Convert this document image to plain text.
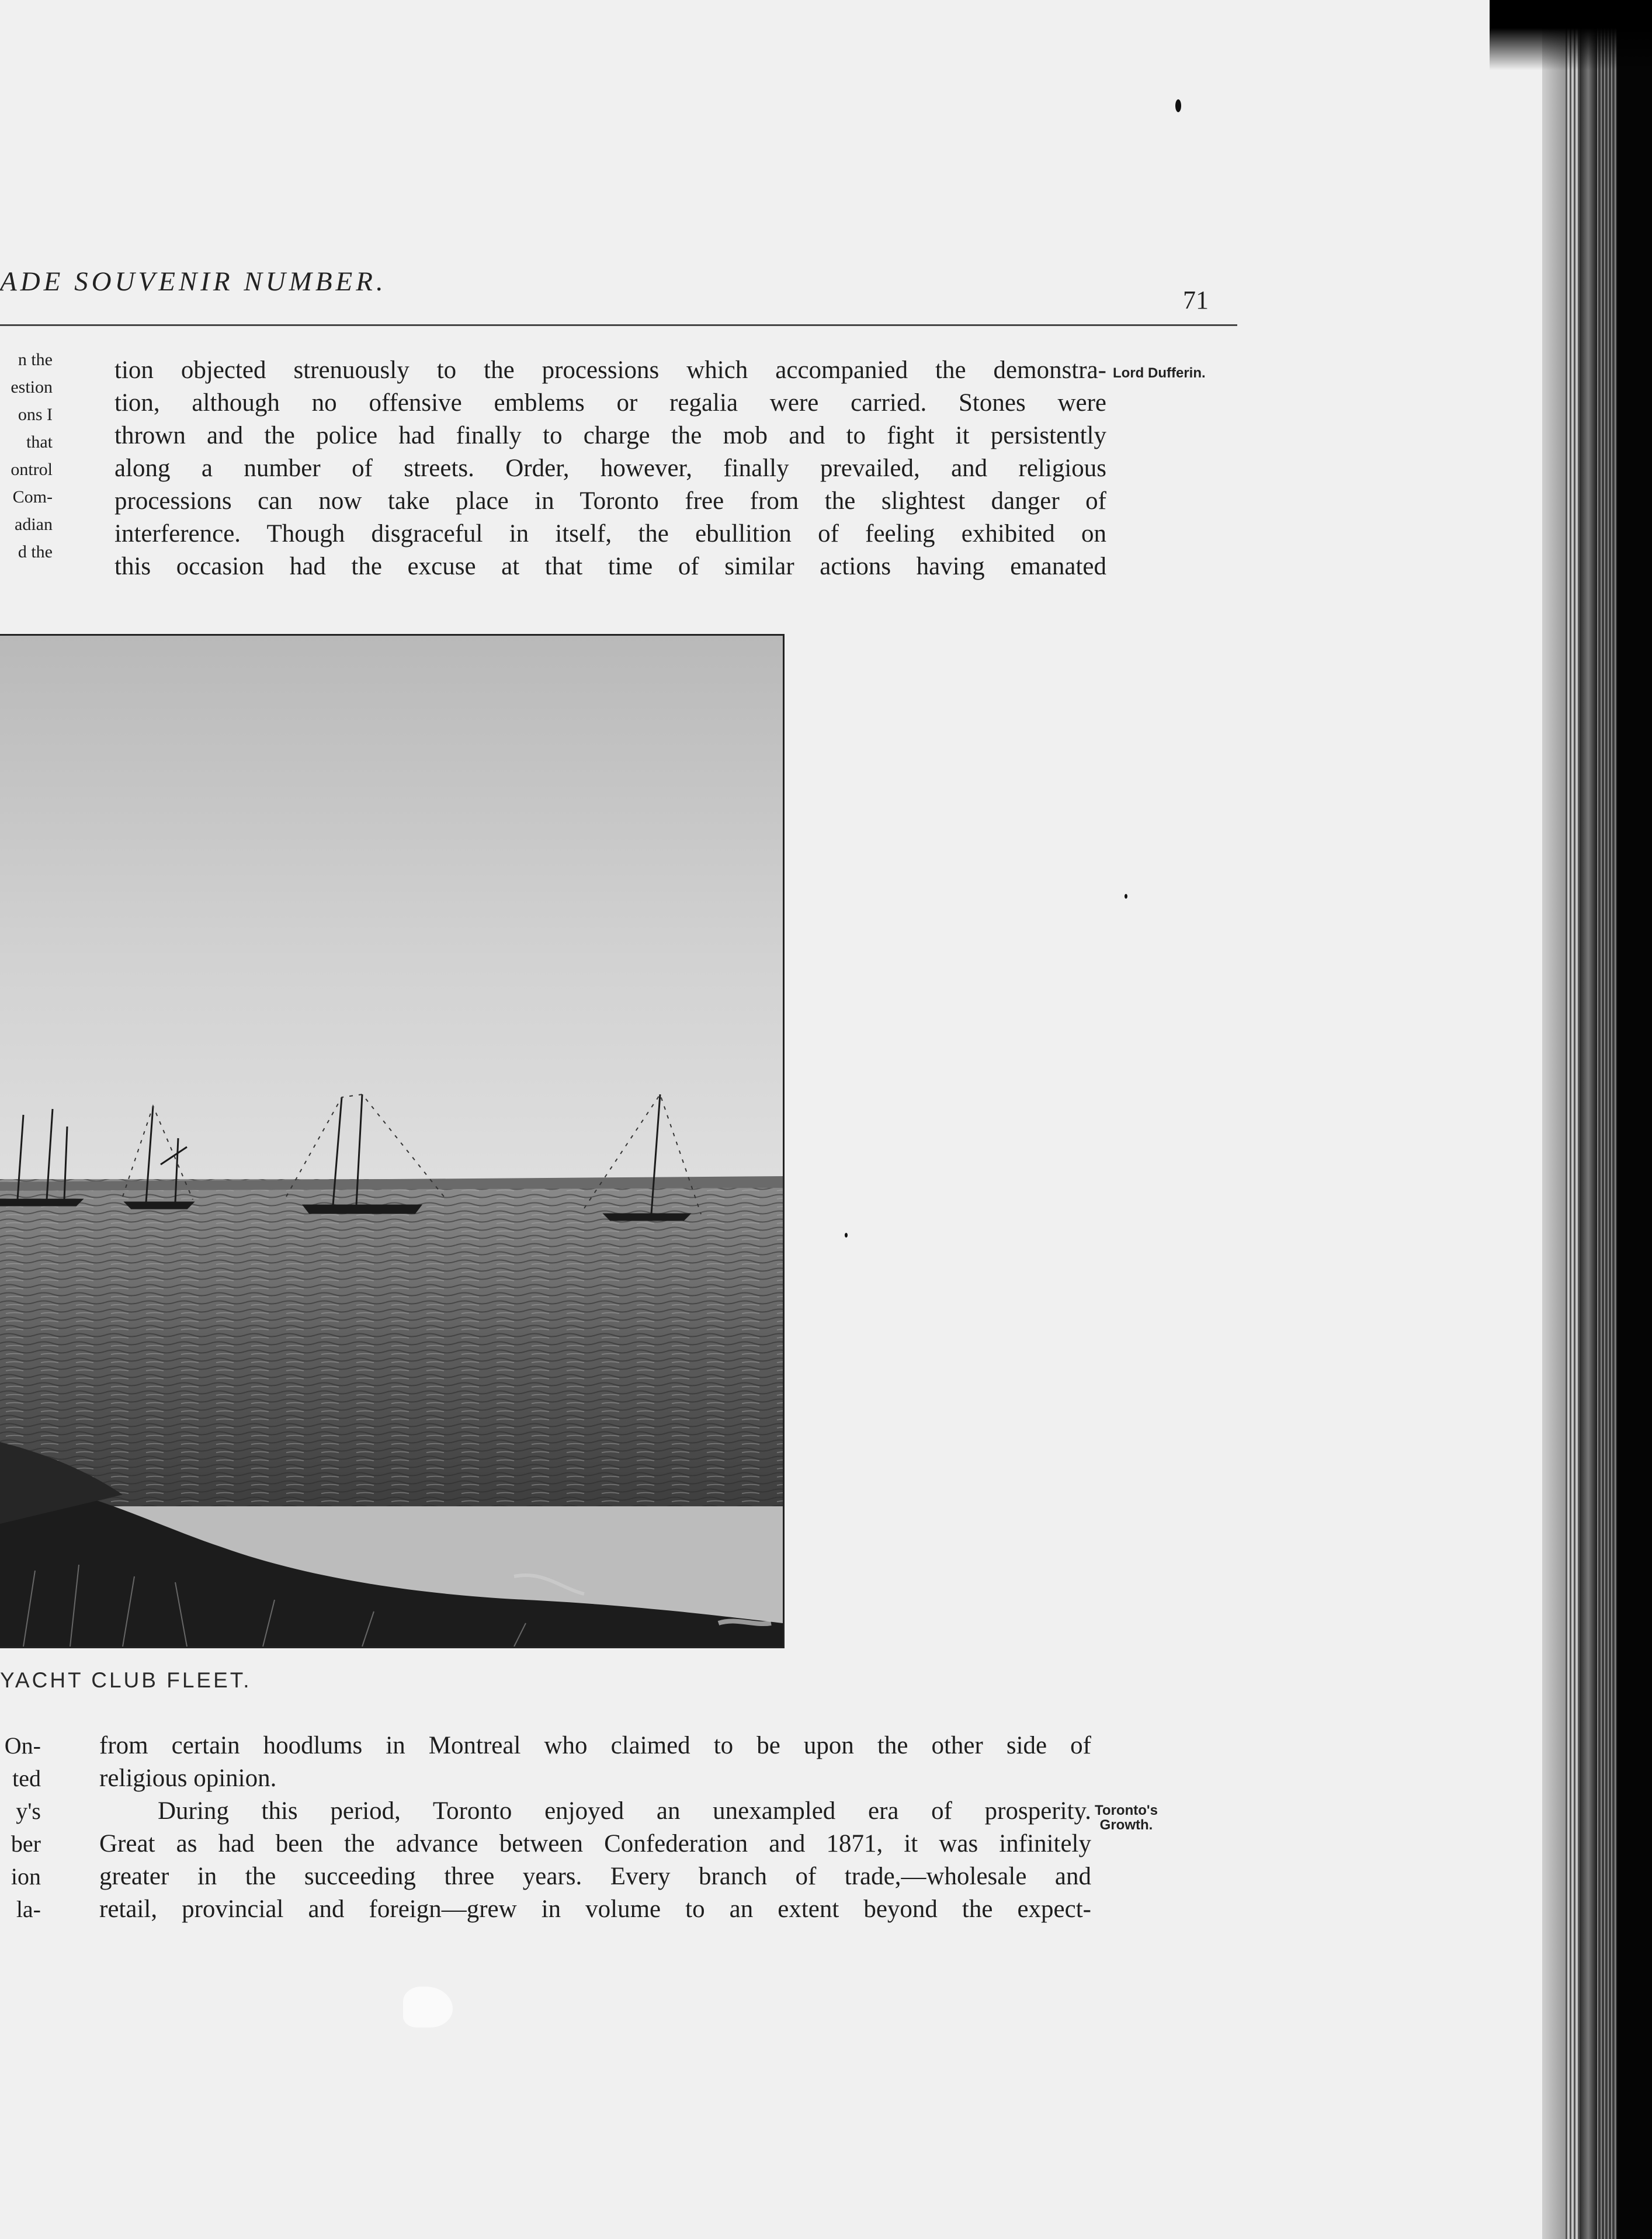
ADE SOUVENIR NUMBER.
71
n the
estion
ons I
that
ontrol
Com-
adian
d the
tion objected strenuously to the processions which accompanied the demonstra-
tion, although no offensive emblems or regalia were carried. Stones were
thrown and the police had finally to charge the mob and to fight it persistently
along a number of streets. Order, however, finally prevailed, and religious
processions can now take place in Toronto free from the slightest danger of
interference. Though disgraceful in itself, the ebullition of feeling exhibited on
this occasion had the excuse at that time of similar actions having emanated
Lord Dufferin.
YACHT CLUB FLEET.
On-
ted
y's
ber
ion
la-
from certain hoodlums in Montreal who claimed to be upon the other side of
religious opinion.
During this period, Toronto enjoyed an unexampled era of prosperity.
Great as had been the advance between Confederation and 1871, it was infinitely
greater in the succeeding three years. Every branch of trade,—wholesale and
retail, provincial and foreign—grew in volume to an extent beyond the expect-
Toronto's
Growth.
